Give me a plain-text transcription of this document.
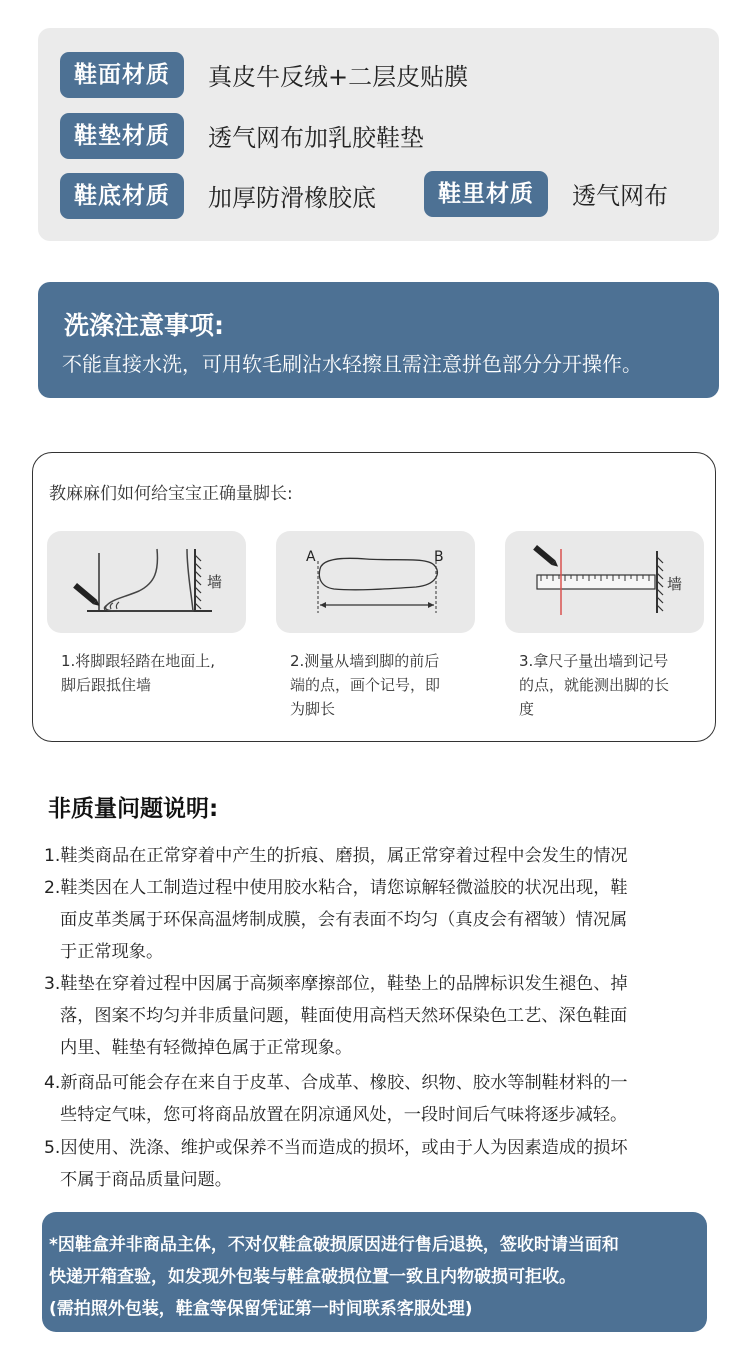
鞋面材质	真皮牛反绒+二层皮贴膜
鞋垫材质	透气网布加乳胶鞋垫
鞋底材质	加厚防滑橡胶底	鞋里材质	透气网布
洗涤注意事项:
不能直接水洗，可用软毛刷沾水轻擦且需注意拼色部分分开操作。
教麻麻们如何给宝宝正确量脚长:
墙
1.将脚跟轻踏在地面上,
脚后跟抵住墙
A	B
2.测量从墙到脚的前后
端的点，画个记号，即
为脚长
墙
3.拿尺子量出墙到记号
的点，就能测出脚的长
度
非质量问题说明:
1.鞋类商品在正常穿着中产生的折痕、磨损，属正常穿着过程中会发生的情况
2.鞋类因在人工制造过程中使用胶水粘合，请您谅解轻微溢胶的状况出现，鞋
面皮革类属于环保高温烤制成膜，会有表面不均匀（真皮会有褶皱）情况属
于正常现象。
3.鞋垫在穿着过程中因属于高频率摩擦部位，鞋垫上的品牌标识发生褪色、掉
落，图案不均匀并非质量问题，鞋面使用高档天然环保染色工艺、深色鞋面
内里、鞋垫有轻微掉色属于正常现象。
4.新商品可能会存在来自于皮革、合成革、橡胶、织物、胶水等制鞋材料的一
些特定气味，您可将商品放置在阴凉通风处，一段时间后气味将逐步减轻。
5.因使用、洗涤、维护或保养不当而造成的损坏，或由于人为因素造成的损坏
不属于商品质量问题。
*因鞋盒并非商品主体，不对仅鞋盒破损原因进行售后退换，签收时请当面和
快递开箱查验，如发现外包装与鞋盒破损位置一致且内物破损可拒收。
(需拍照外包装，鞋盒等保留凭证第一时间联系客服处理)
